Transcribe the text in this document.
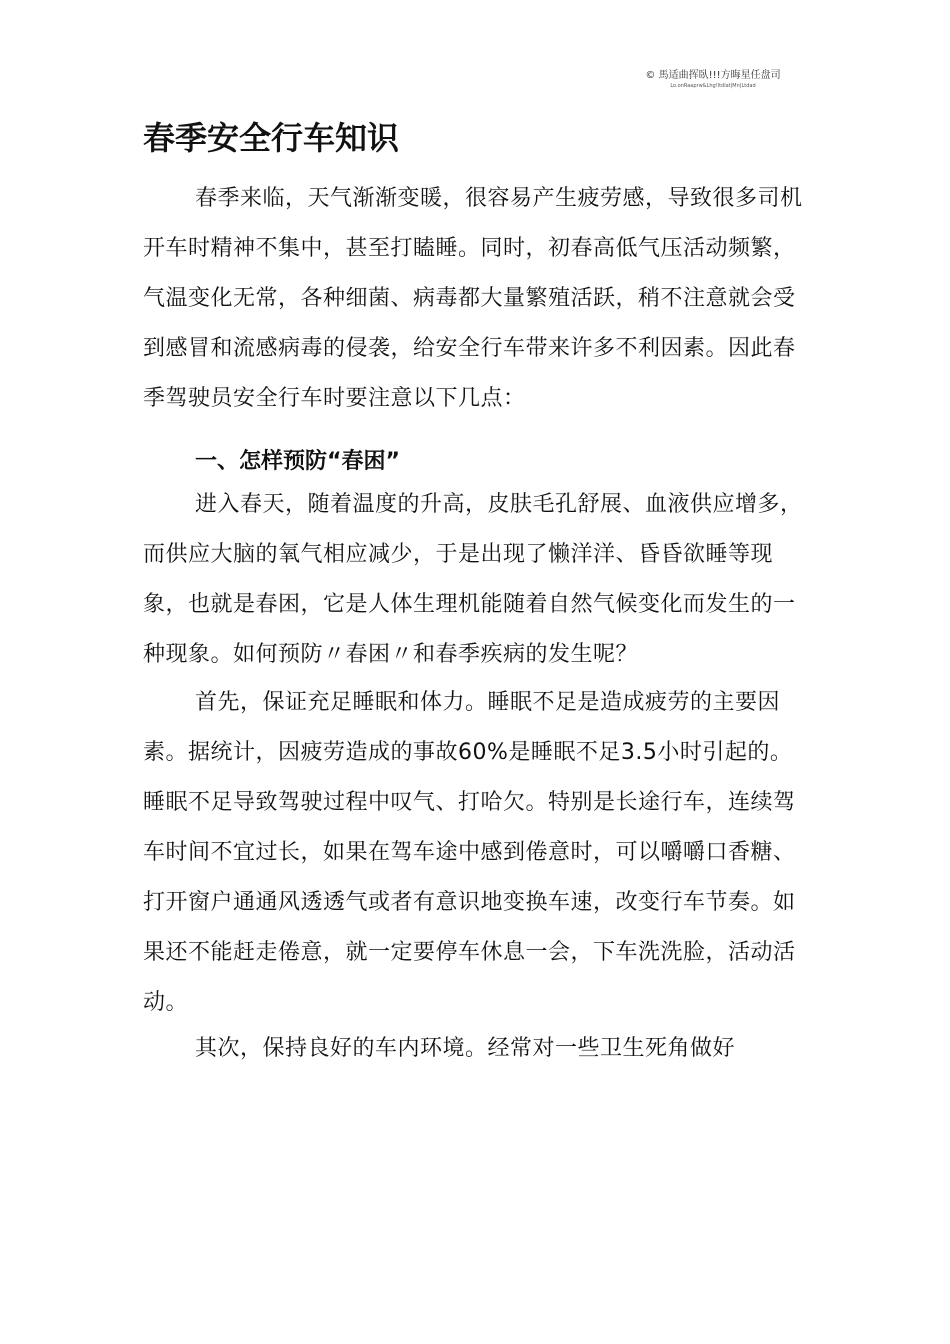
© 馬适曲挥臥!!!方晦星任盘司
Lo.onRaaprw&Lhg!ltdlat|Mn|Ltdad
春季安全行车知识

春季来临，天气渐渐变暖，很容易产生疲劳感，导致很多司机开车时精神不集中，甚至打瞌睡。同时，初春高低气压活动频繁，气温变化无常，各种细菌、病毒都大量繁殖活跃，稍不注意就会受到感冒和流感病毒的侵袭，给安全行车带来许多不利因素。因此春季驾驶员安全行车时要注意以下几点：

一、怎样预防“春困”

进入春天，随着温度的升高，皮肤毛孔舒展、血液供应增多，而供应大脑的氧气相应减少，于是出现了懒洋洋、昏昏欲睡等现象，也就是春困，它是人体生理机能随着自然气候变化而发生的一种现象。如何预防〃春困〃和春季疾病的发生呢？

首先，保证充足睡眠和体力。睡眠不足是造成疲劳的主要因素。据统计，因疲劳造成的事故60%是睡眠不足3.5小时引起的。睡眠不足导致驾驶过程中叹气、打哈欠。特别是长途行车，连续驾车时间不宜过长，如果在驾车途中感到倦意时，可以嚼嚼口香糖、打开窗户通通风透透气或者有意识地变换车速，改变行车节奏。如果还不能赶走倦意，就一定要停车休息一会，下车洗洗脸，活动活动。

其次，保持良好的车内环境。经常对一些卫生死角做好
